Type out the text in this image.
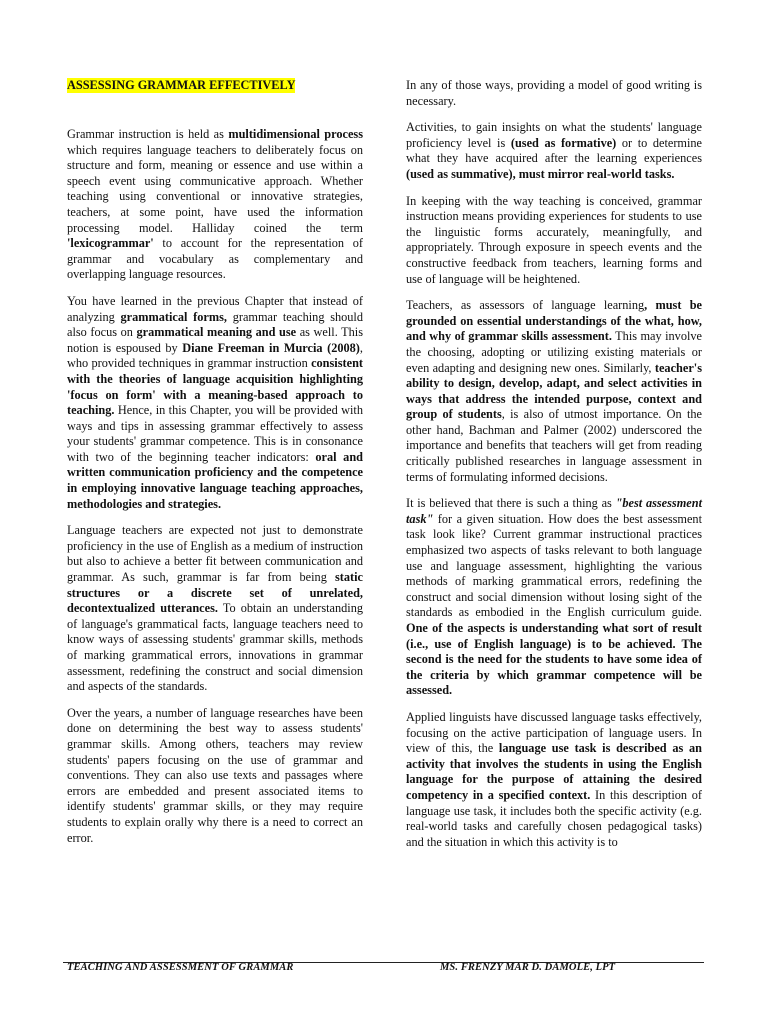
ASSESSING GRAMMAR EFFECTIVELY

Grammar instruction is held as multidimensional process which requires language teachers to deliberately focus on structure and form, meaning or essence and use within a speech event using communicative approach. Whether teaching using conventional or innovative strategies, teachers, at some point, have used the information processing model. Halliday coined the term 'lexicogrammar' to account for the representation of grammar and vocabulary as complementary and overlapping language resources.

You have learned in the previous Chapter that instead of analyzing grammatical forms, grammar teaching should also focus on grammatical meaning and use as well. This notion is espoused by Diane Freeman in Murcia (2008), who provided techniques in grammar instruction consistent with the theories of language acquisition highlighting 'focus on form' with a meaning-based approach to teaching. Hence, in this Chapter, you will be provided with ways and tips in assessing grammar effectively to assess your students' grammar competence. This is in consonance with two of the beginning teacher indicators: oral and written communication proficiency and the competence in employing innovative language teaching approaches, methodologies and strategies.

Language teachers are expected not just to demonstrate proficiency in the use of English as a medium of instruction but also to achieve a better fit between communication and grammar. As such, grammar is far from being static structures or a discrete set of unrelated, decontextualized utterances. To obtain an understanding of language's grammatical facts, language teachers need to know ways of assessing students' grammar skills, methods of marking grammatical errors, innovations in grammar assessment, redefining the construct and social dimension and aspects of the standards.

Over the years, a number of language researches have been done on determining the best way to assess students' grammar skills. Among others, teachers may review students' papers focusing on the use of grammar and conventions. They can also use texts and passages where errors are embedded and present associated items to identify students' grammar skills, or they may require students to explain orally why there is a need to correct an error.

In any of those ways, providing a model of good writing is necessary.

Activities, to gain insights on what the students' language proficiency level is (used as formative) or to determine what they have acquired after the learning experiences (used as summative), must mirror real-world tasks.

In keeping with the way teaching is conceived, grammar instruction means providing experiences for students to use the linguistic forms accurately, meaningfully, and appropriately. Through exposure in speech events and the constructive feedback from teachers, learning forms and use of language will be heightened.

Teachers, as assessors of language learning, must be grounded on essential understandings of the what, how, and why of grammar skills assessment. This may involve the choosing, adopting or utilizing existing materials or even adapting and designing new ones. Similarly, teacher's ability to design, develop, adapt, and select activities in ways that address the intended purpose, context and group of students, is also of utmost importance. On the other hand, Bachman and Palmer (2002) underscored the importance and benefits that teachers will get from reading critically published researches in language assessment in terms of formulating informed decisions.

It is believed that there is such a thing as "best assessment task" for a given situation. How does the best assessment task look like? Current grammar instructional practices emphasized two aspects of tasks relevant to both language use and language assessment, highlighting the various methods of marking grammatical errors, redefining the construct and social dimension without losing sight of the standards as embodied in the English curriculum guide. One of the aspects is understanding what sort of result (i.e., use of English language) is to be achieved. The second is the need for the students to have some idea of the criteria by which grammar competence will be assessed.

Applied linguists have discussed language tasks effectively, focusing on the active participation of language users. In view of this, the language use task is described as an activity that involves the students in using the English language for the purpose of attaining the desired competency in a specified context. In this description of language use task, it includes both the specific activity (e.g. real-world tasks and carefully chosen pedagogical tasks) and the situation in which this activity is to

TEACHING AND ASSESSMENT OF GRAMMAR	MS. FRENZY MAR D. DAMOLE, LPT
